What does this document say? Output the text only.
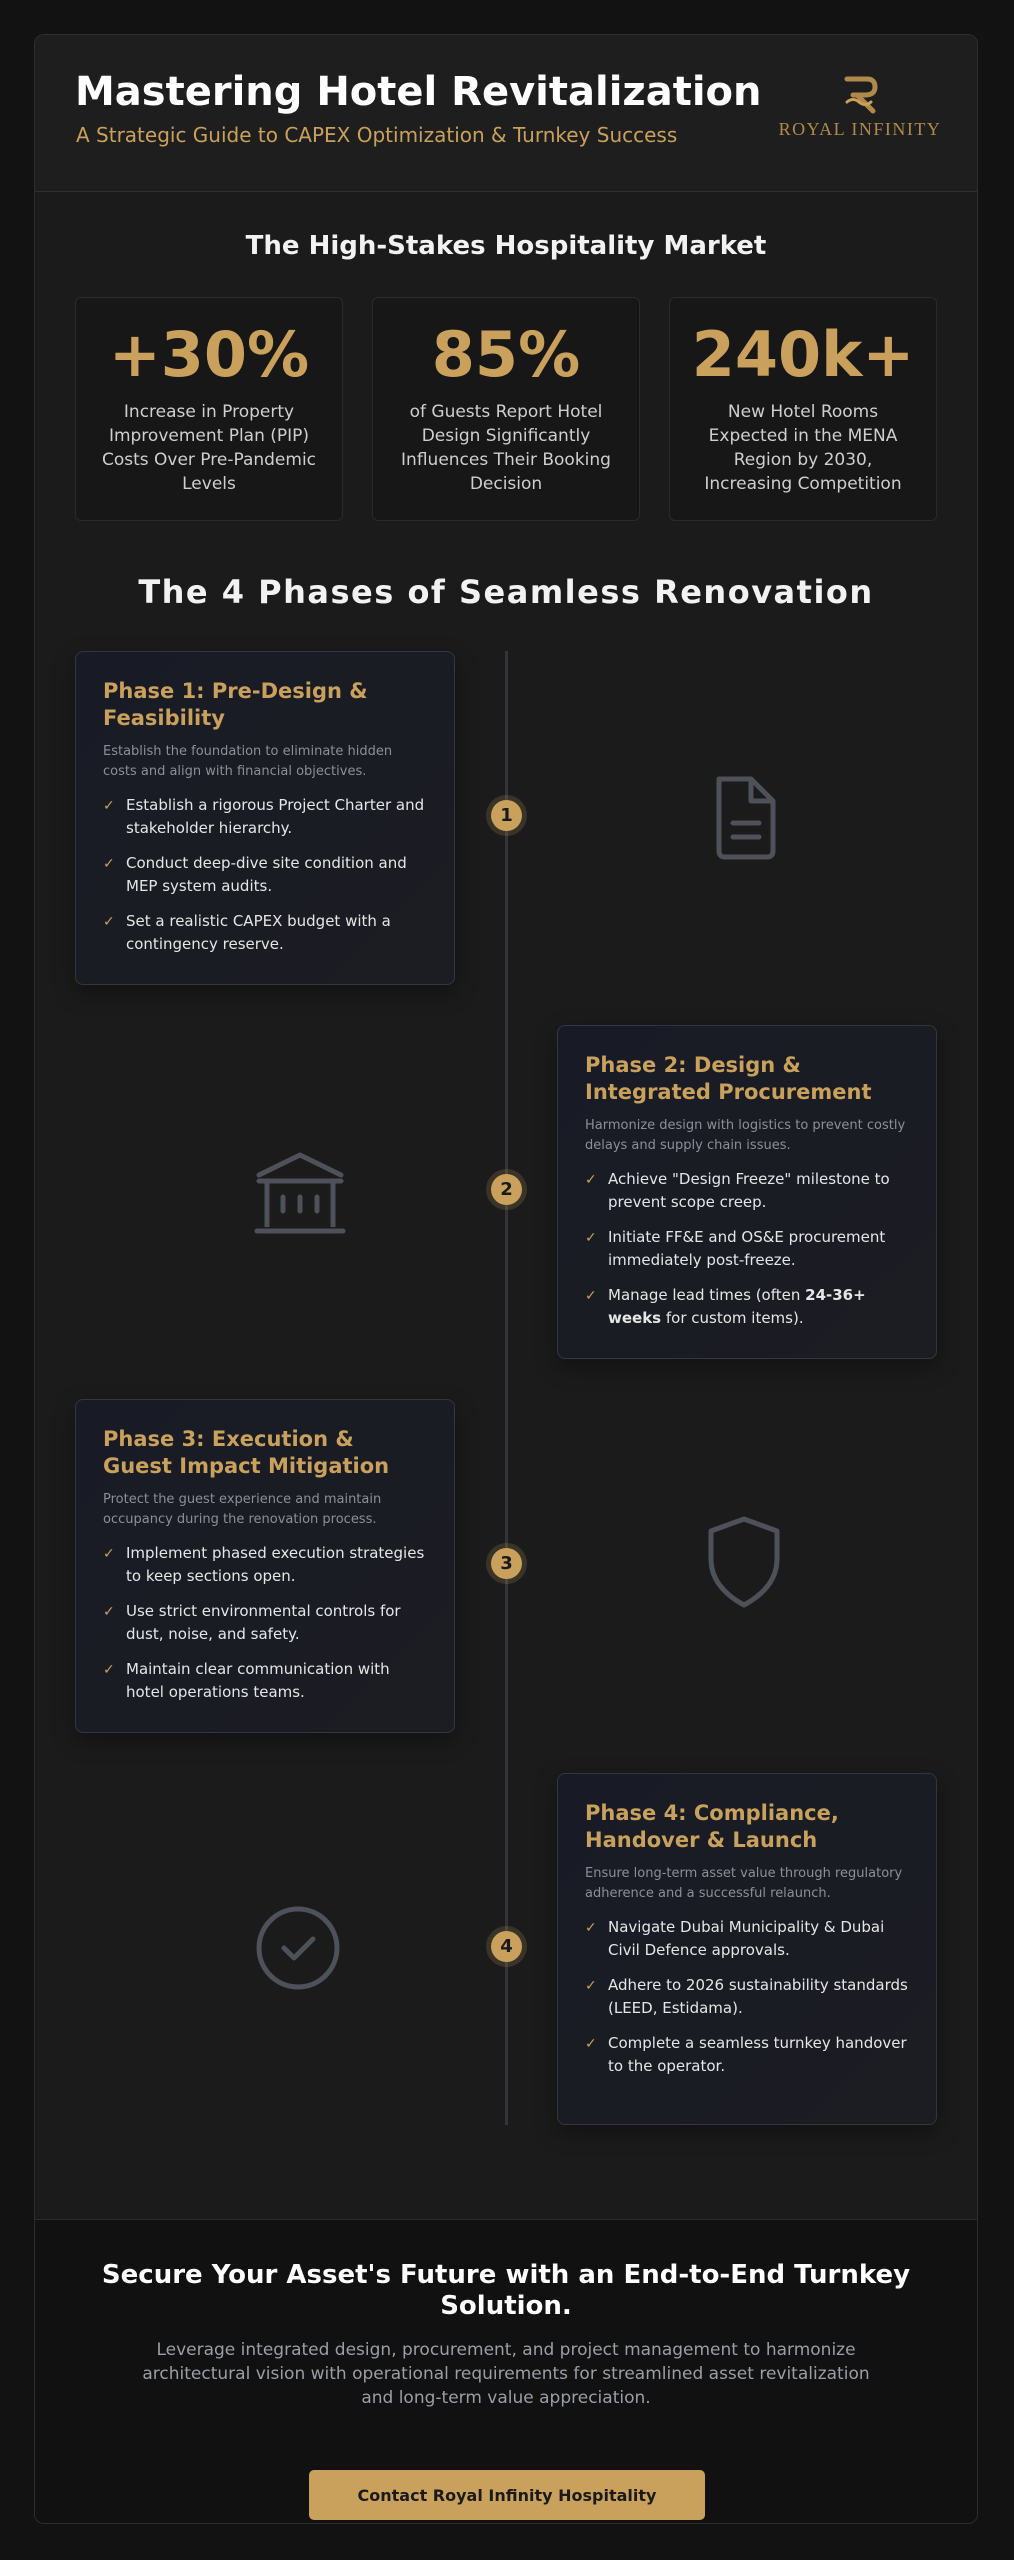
Mastering Hotel Revitalization
A Strategic Guide to CAPEX Optimization & Turnkey Success	ROYAL INFINITY
The High-Stakes Hospitality Market
+30%
Increase in Property Improvement Plan (PIP) Costs Over Pre-Pandemic Levels
85%
of Guests Report Hotel Design Significantly Influences Their Booking Decision
240k+
New Hotel Rooms Expected in the MENA Region by 2030, Increasing Competition
The 4 Phases of Seamless Renovation
Phase 1: Pre-Design & Feasibility
Establish the foundation to eliminate hidden costs and align with financial objectives.
✓ Establish a rigorous Project Charter and stakeholder hierarchy.
✓ Conduct deep-dive site condition and MEP system audits.
✓ Set a realistic CAPEX budget with a contingency reserve.
1
Phase 2: Design & Integrated Procurement
Harmonize design with logistics to prevent costly delays and supply chain issues.
✓ Achieve "Design Freeze" milestone to prevent scope creep.
✓ Initiate FF&E and OS&E procurement immediately post-freeze.
✓ Manage lead times (often 24-36+ weeks for custom items).
2
Phase 3: Execution & Guest Impact Mitigation
Protect the guest experience and maintain occupancy during the renovation process.
✓ Implement phased execution strategies to keep sections open.
✓ Use strict environmental controls for dust, noise, and safety.
✓ Maintain clear communication with hotel operations teams.
3
Phase 4: Compliance, Handover & Launch
Ensure long-term asset value through regulatory adherence and a successful relaunch.
✓ Navigate Dubai Municipality & Dubai Civil Defence approvals.
✓ Adhere to 2026 sustainability standards (LEED, Estidama).
✓ Complete a seamless turnkey handover to the operator.
4
Secure Your Asset's Future with an End-to-End Turnkey Solution.
Leverage integrated design, procurement, and project management to harmonize architectural vision with operational requirements for streamlined asset revitalization and long-term value appreciation.
Contact Royal Infinity Hospitality
